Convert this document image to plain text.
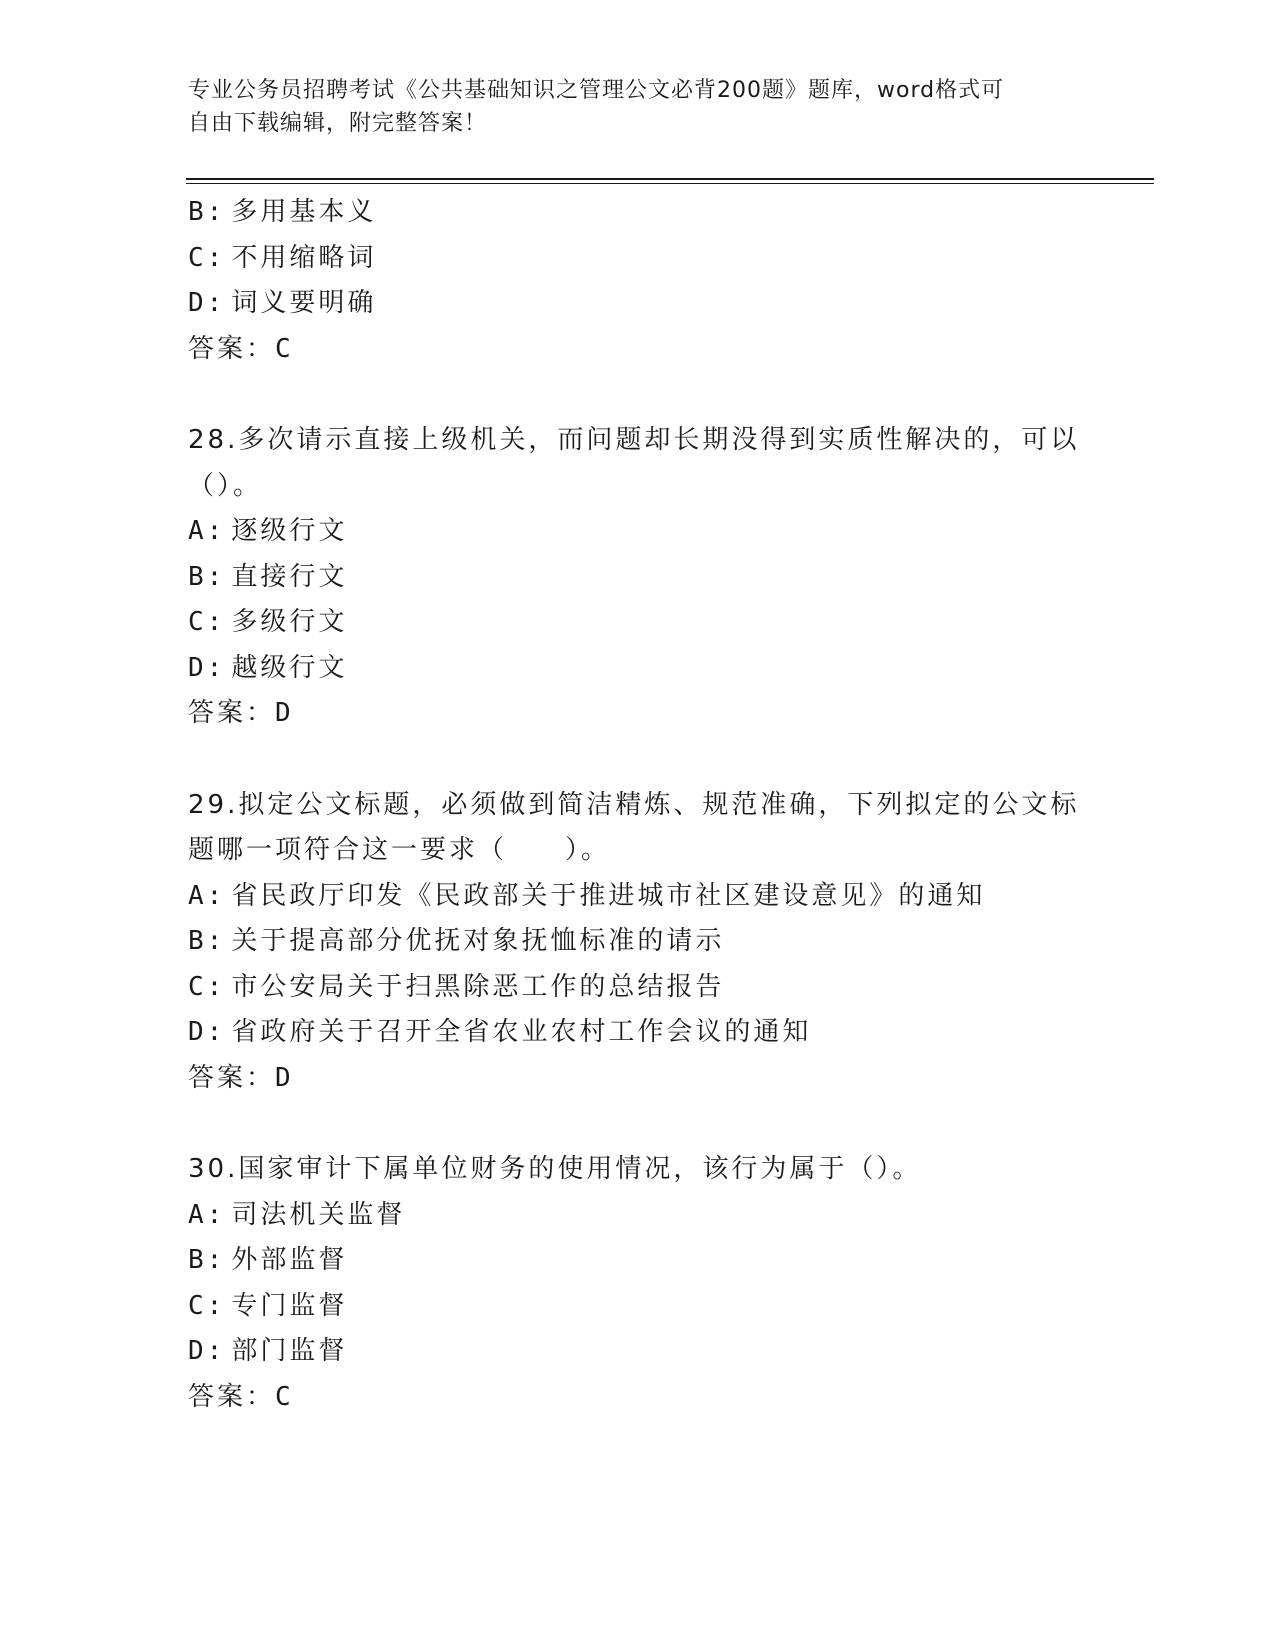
专业公务员招聘考试《公共基础知识之管理公文必背200题》题库，word格式可
自由下载编辑，附完整答案！
B: 多用基本义
C: 不用缩略词
D: 词义要明确
答案：C
28.多次请示直接上级机关，而问题却长期没得到实质性解决的，可以
（）。
A: 逐级行文
B: 直接行文
C: 多级行文
D: 越级行文
答案：D
29.拟定公文标题，必须做到简洁精炼、规范准确，下列拟定的公文标
题哪一项符合这一要求（　　）。
A: 省民政厅印发《民政部关于推进城市社区建设意见》的通知
B: 关于提高部分优抚对象抚恤标准的请示
C: 市公安局关于扫黑除恶工作的总结报告
D: 省政府关于召开全省农业农村工作会议的通知
答案：D
30.国家审计下属单位财务的使用情况，该行为属于（）。
A: 司法机关监督
B: 外部监督
C: 专门监督
D: 部门监督
答案：C
